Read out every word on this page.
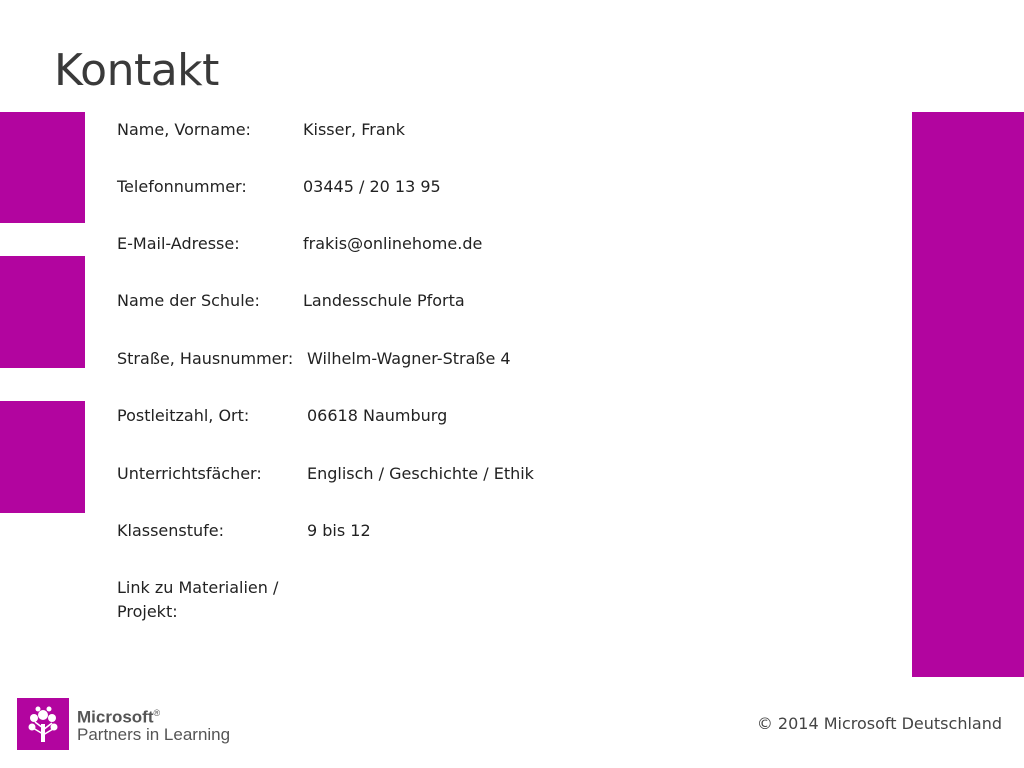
Kontakt
Name, Vorname:	Kisser, Frank
Telefonnummer:	03445 / 20 13 95
E-Mail-Adresse:	frakis@onlinehome.de
Name der Schule:	Landesschule Pforta
Straße, Hausnummer: Wilhelm-Wagner-Straße 4
Postleitzahl, Ort:	06618 Naumburg
Unterrichtsfächer:	Englisch / Geschichte / Ethik
Klassenstufe:	9 bis 12
Link zu Materialien /
Projekt:
Microsoft®
Partners in Learning
© 2014 Microsoft Deutschland
